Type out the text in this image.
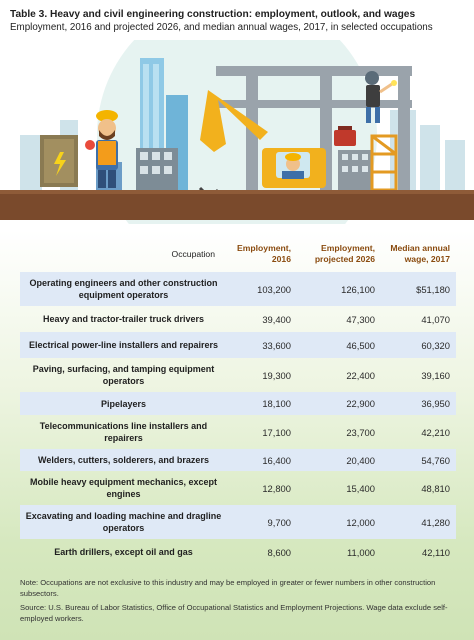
Table 3. Heavy and civil engineering construction: employment, outlook, and wages
Employment, 2016 and projected 2026, and median annual wages, 2017, in selected occupations
Occupation
Employment,
2016
Employment,
projected 2026
Median annual
wage, 2017
Operating engineers and other construction equipment operators
103,200	126,100	$51,180
Heavy and tractor-trailer truck drivers	39,400	47,300	41,070
Electrical power-line installers and repairers	33,600	46,500	60,320
Paving, surfacing, and tamping equipment operators
19,300	22,400	39,160
Pipelayers	18,100	22,900	36,950
Telecommunications line installers and repairers
17,100	23,700	42,210
Welders, cutters, solderers, and brazers	16,400	20,400	54,760
Mobile heavy equipment mechanics, except engines
12,800	15,400	48,810
Excavating and loading machine and dragline operators
9,700	12,000	41,280
Earth drillers, except oil and gas	8,600	11,000	42,110

Note: Occupations are not exclusive to this industry and may be employed in greater or fewer numbers in other construction subsectors.

Source: U.S. Bureau of Labor Statistics, Office of Occupational Statistics and Employment Projections. Wage data exclude self-employed workers.
